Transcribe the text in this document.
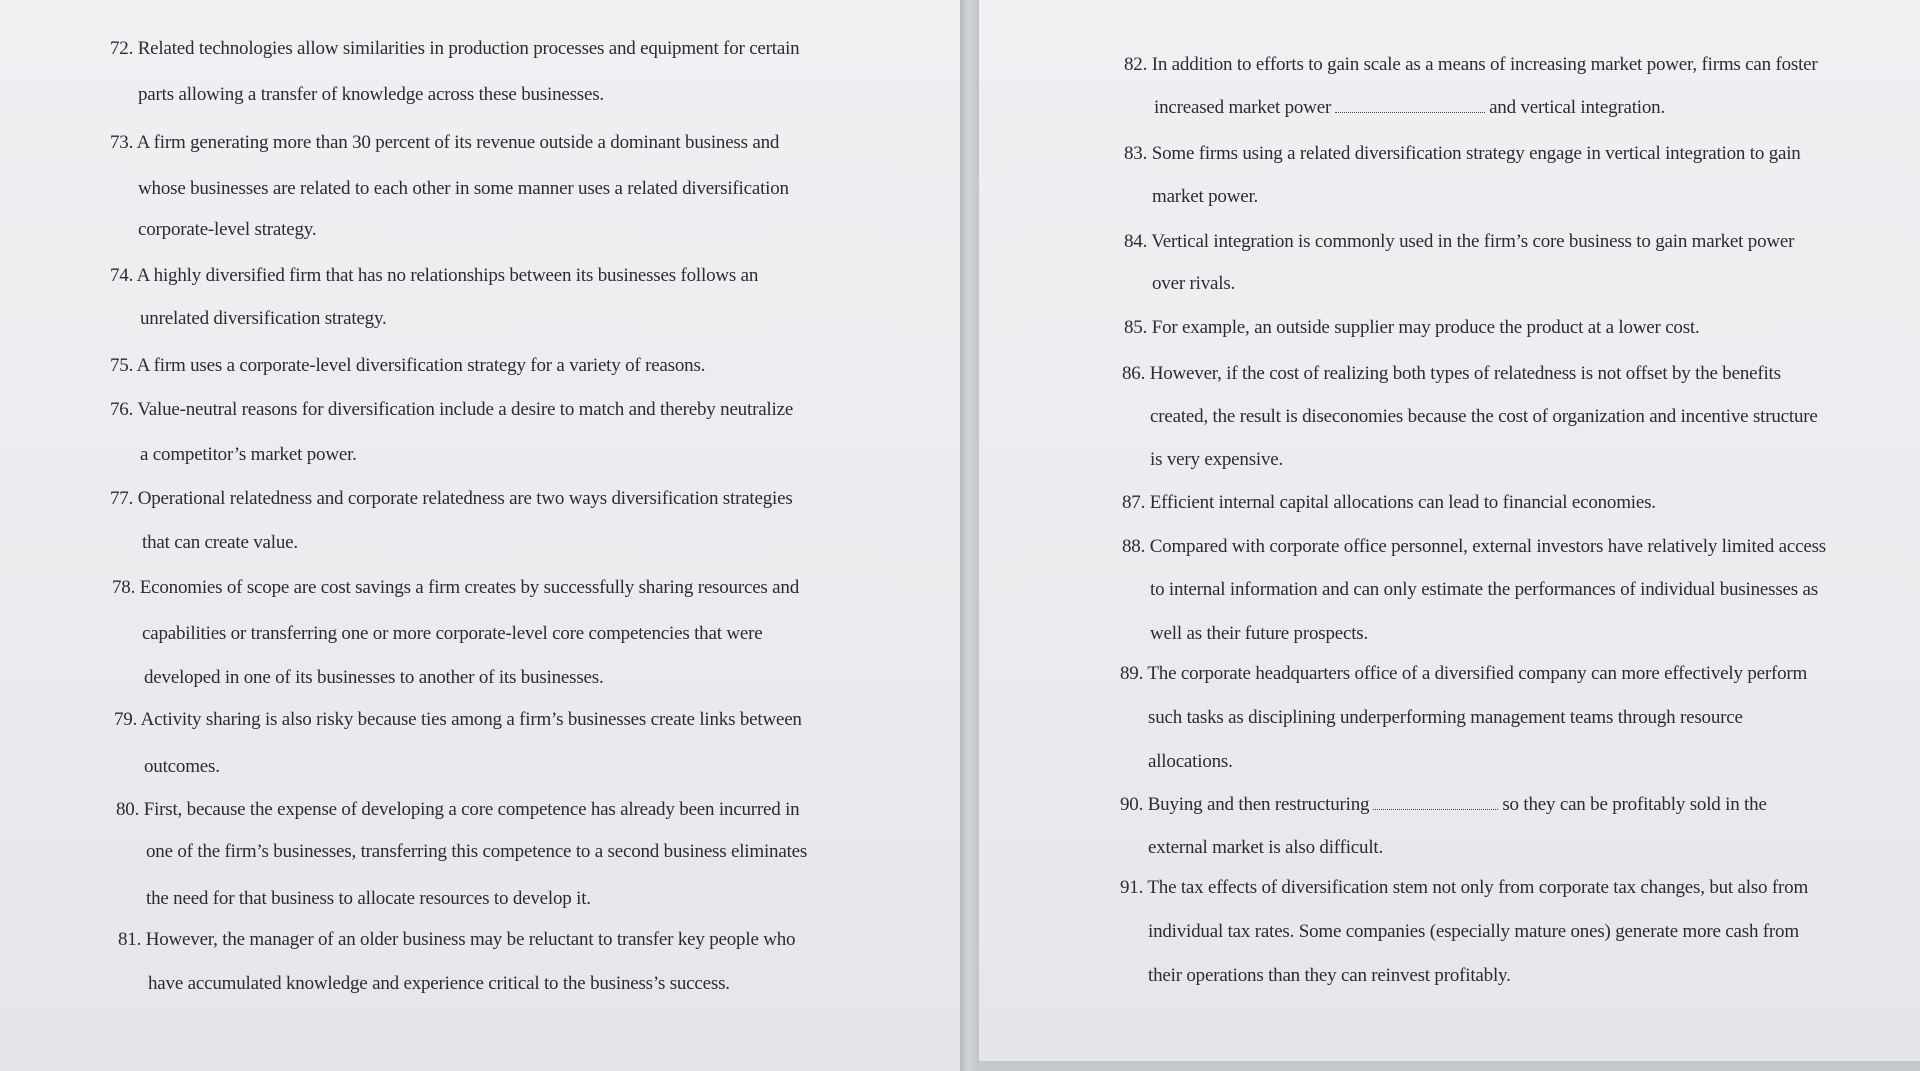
72. Related technologies allow similarities in production processes and equipment for certain

parts allowing a transfer of knowledge across these businesses.

73. A firm generating more than 30 percent of its revenue outside a dominant business and

whose businesses are related to each other in some manner uses a related diversification

corporate-level strategy.

74. A highly diversified firm that has no relationships between its businesses follows an

unrelated diversification strategy.

75. A firm uses a corporate-level diversification strategy for a variety of reasons.

76. Value-neutral reasons for diversification include a desire to match and thereby neutralize

a competitor’s market power.

77. Operational relatedness and corporate relatedness are two ways diversification strategies

that can create value.

78. Economies of scope are cost savings a firm creates by successfully sharing resources and

capabilities or transferring one or more corporate-level core competencies that were

developed in one of its businesses to another of its businesses.

79. Activity sharing is also risky because ties among a firm’s businesses create links between

outcomes.

80. First, because the expense of developing a core competence has already been incurred in

one of the firm’s businesses, transferring this competence to a second business eliminates

the need for that business to allocate resources to develop it.

81. However, the manager of an older business may be reluctant to transfer key people who

have accumulated knowledge and experience critical to the business’s success.

82. In addition to efforts to gain scale as a means of increasing market power, firms can foster

increased market power	and vertical integration.

83. Some firms using a related diversification strategy engage in vertical integration to gain

market power.

84. Vertical integration is commonly used in the firm’s core business to gain market power

over rivals.

85. For example, an outside supplier may produce the product at a lower cost.

86. However, if the cost of realizing both types of relatedness is not offset by the benefits

created, the result is diseconomies because the cost of organization and incentive structure

is very expensive.

87. Efficient internal capital allocations can lead to financial economies.

88. Compared with corporate office personnel, external investors have relatively limited access

to internal information and can only estimate the performances of individual businesses as

well as their future prospects.

89. The corporate headquarters office of a diversified company can more effectively perform

such tasks as disciplining underperforming management teams through resource

allocations.

90. Buying and then restructuring	so they can be profitably sold in the

external market is also difficult.

91. The tax effects of diversification stem not only from corporate tax changes, but also from

individual tax rates. Some companies (especially mature ones) generate more cash from

their operations than they can reinvest profitably.
